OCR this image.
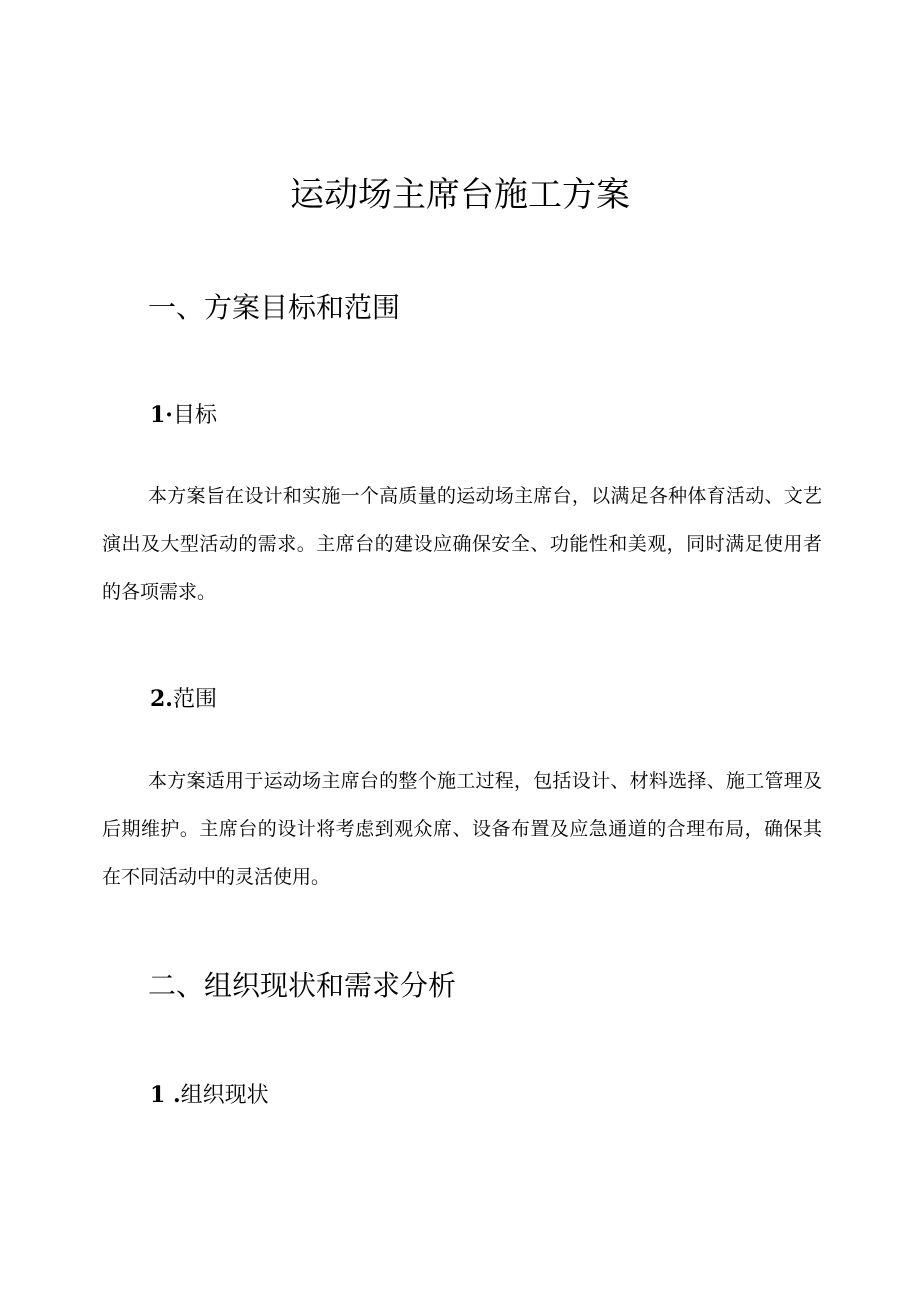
运动场主席台施工方案
一、方案目标和范围
1·目标

本方案旨在设计和实施一个高质量的运动场主席台，以满足各种体育活动、文艺演出及大型活动的需求。主席台的建设应确保安全、功能性和美观，同时满足使用者的各项需求。

2.范围

本方案适用于运动场主席台的整个施工过程，包括设计、材料选择、施工管理及后期维护。主席台的设计将考虑到观众席、设备布置及应急通道的合理布局，确保其在不同活动中的灵活使用。

二、组织现状和需求分析
1 .组织现状
